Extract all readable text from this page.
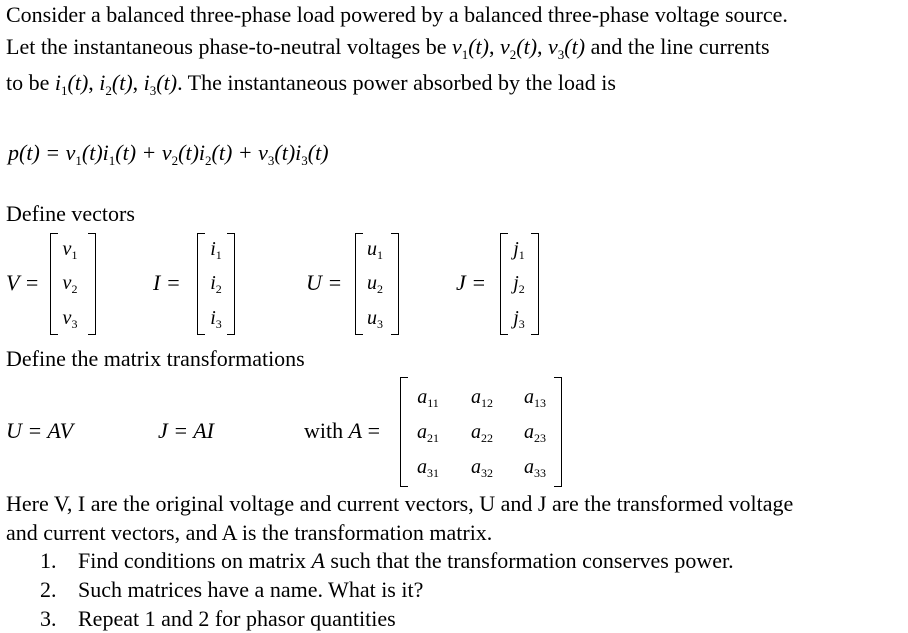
Consider a balanced three-phase load powered by a balanced three-phase voltage source.
Let the instantaneous phase-to-neutral voltages be $v_1(t)$, $v_2(t)$, $v_3(t)$ and the line currents
to be $i_1(t)$, $i_2(t)$, $i_3(t)$. The instantaneous power absorbed by the load is
$p(t) = v_1(t)i_1(t) + v_2(t)i_2(t) + v_3(t)i_3(t)$
Define vectors
V =
$v_1$
$v_2$
$v_3$
I =
$i_1$
$i_2$
$i_3$
U =
$u_1$
$u_2$
$u_3$
J =
$j_1$
$j_2$
$j_3$
Define the matrix transformations
U = AV	J = AI	with A =
$a_{11}$	$a_{12}$	$a_{13}$
$a_{21}$	$a_{22}$	$a_{23}$
$a_{31}$	$a_{32}$	$a_{33}$
Here V, I are the original voltage and current vectors, U and J are the transformed voltage
and current vectors, and A is the transformation matrix.
1. Find conditions on matrix A such that the transformation conserves power.
2. Such matrices have a name. What is it?
3. Repeat 1 and 2 for phasor quantities
